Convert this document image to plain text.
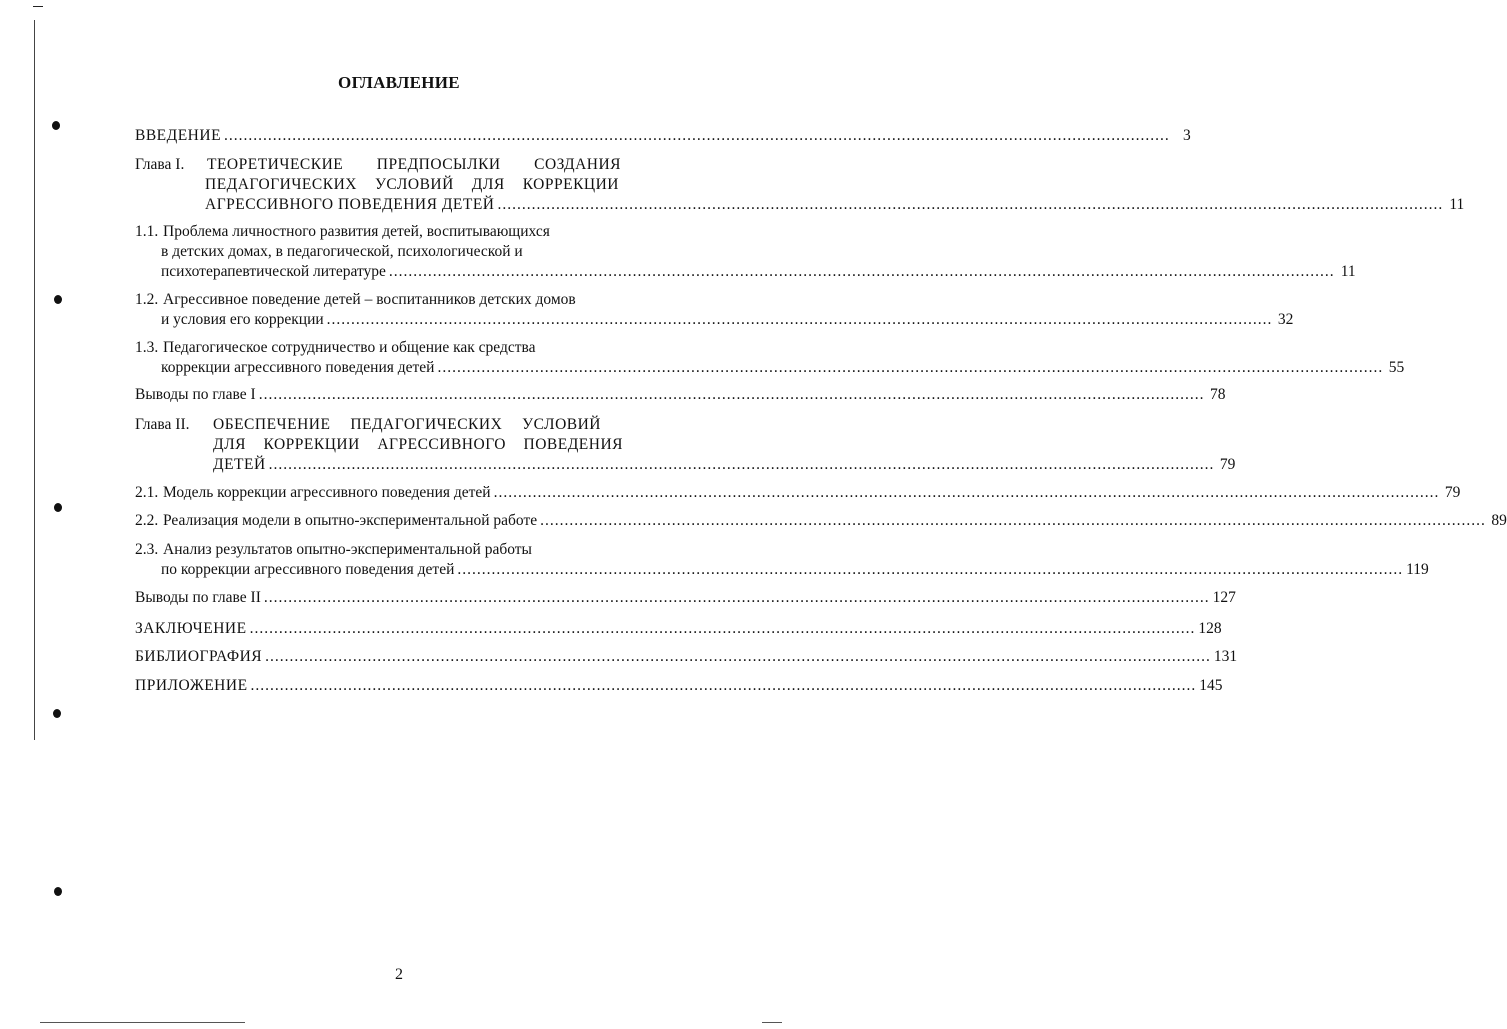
ОГЛАВЛЕНИЕ
ВВЕДЕНИЕ .................................................................................................................................................................................................. 3
Глава I.	ТЕОРЕТИЧЕСКИЕ ПРЕДПОСЫЛКИ СОЗДАНИЯ
ПЕДАГОГИЧЕСКИХ УСЛОВИЙ ДЛЯ КОРРЕКЦИИ
АГРЕССИВНОГО ПОВЕДЕНИЯ ДЕТЕЙ .................................................................................................................................................................................................. 11
1.1. Проблема личностного развития детей, воспитывающихся
в детских домах, в педагогической, психологической и
психотерапевтической литературе .................................................................................................................................................................................................. 11
1.2. Агрессивное поведение детей – воспитанников детских домов
и условия его коррекции .................................................................................................................................................................................................. 32
1.3. Педагогическое сотрудничество и общение как средства
коррекции агрессивного поведения детей .................................................................................................................................................................................................. 55
Выводы по главе I .................................................................................................................................................................................................. 78
Глава II.	ОБЕСПЕЧЕНИЕ ПЕДАГОГИЧЕСКИХ УСЛОВИЙ
ДЛЯ КОРРЕКЦИИ АГРЕССИВНОГО ПОВЕДЕНИЯ
ДЕТЕЙ .................................................................................................................................................................................................. 79
2.1. Модель коррекции агрессивного поведения детей .................................................................................................................................................................................................. 79
2.2. Реализация модели в опытно-экспериментальной работе .................................................................................................................................................................................................. 89
2.3. Анализ результатов опытно-экспериментальной работы
по коррекции агрессивного поведения детей .................................................................................................................................................................................................. 119
Выводы по главе II .................................................................................................................................................................................................. 127
ЗАКЛЮЧЕНИЕ .................................................................................................................................................................................................. 128
БИБЛИОГРАФИЯ .................................................................................................................................................................................................. 131
ПРИЛОЖЕНИЕ .................................................................................................................................................................................................. 145
2
